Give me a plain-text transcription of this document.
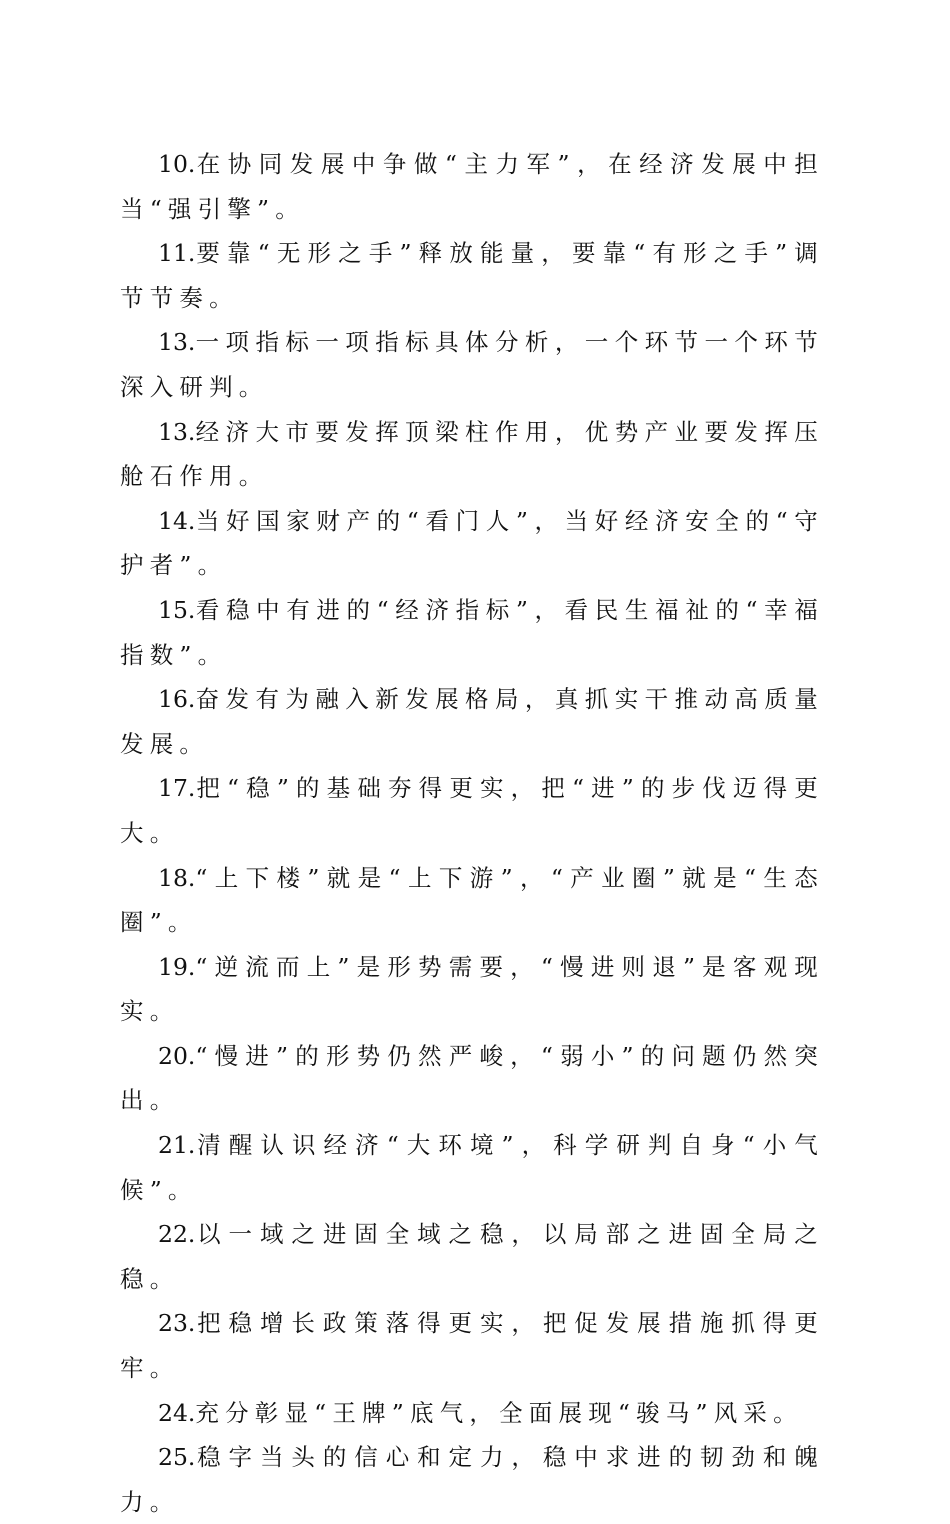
10.在协同发展中争做“主力军”，在经济发展中担当“强引擎”。

11.要靠“无形之手”释放能量，要靠“有形之手”调节节奏。

13.一项指标一项指标具体分析，一个环节一个环节深入研判。

13.经济大市要发挥顶梁柱作用，优势产业要发挥压舱石作用。

14.当好国家财产的“看门人”，当好经济安全的“守护者”。

15.看稳中有进的“经济指标”，看民生福祉的“幸福指数”。

16.奋发有为融入新发展格局，真抓实干推动高质量发展。

17.把“稳”的基础夯得更实，把“进”的步伐迈得更大。

18.“上下楼”就是“上下游”，“产业圈”就是“生态圈”。

19.“逆流而上”是形势需要，“慢进则退”是客观现实。

20.“慢进”的形势仍然严峻，“弱小”的问题仍然突出。

21.清醒认识经济“大环境”，科学研判自身“小气候”。

22.以一域之进固全域之稳，以局部之进固全局之稳。

23.把稳增长政策落得更实，把促发展措施抓得更牢。

24.充分彰显“王牌”底气，全面展现“骏马”风采。

25.稳字当头的信心和定力，稳中求进的韧劲和魄力。
